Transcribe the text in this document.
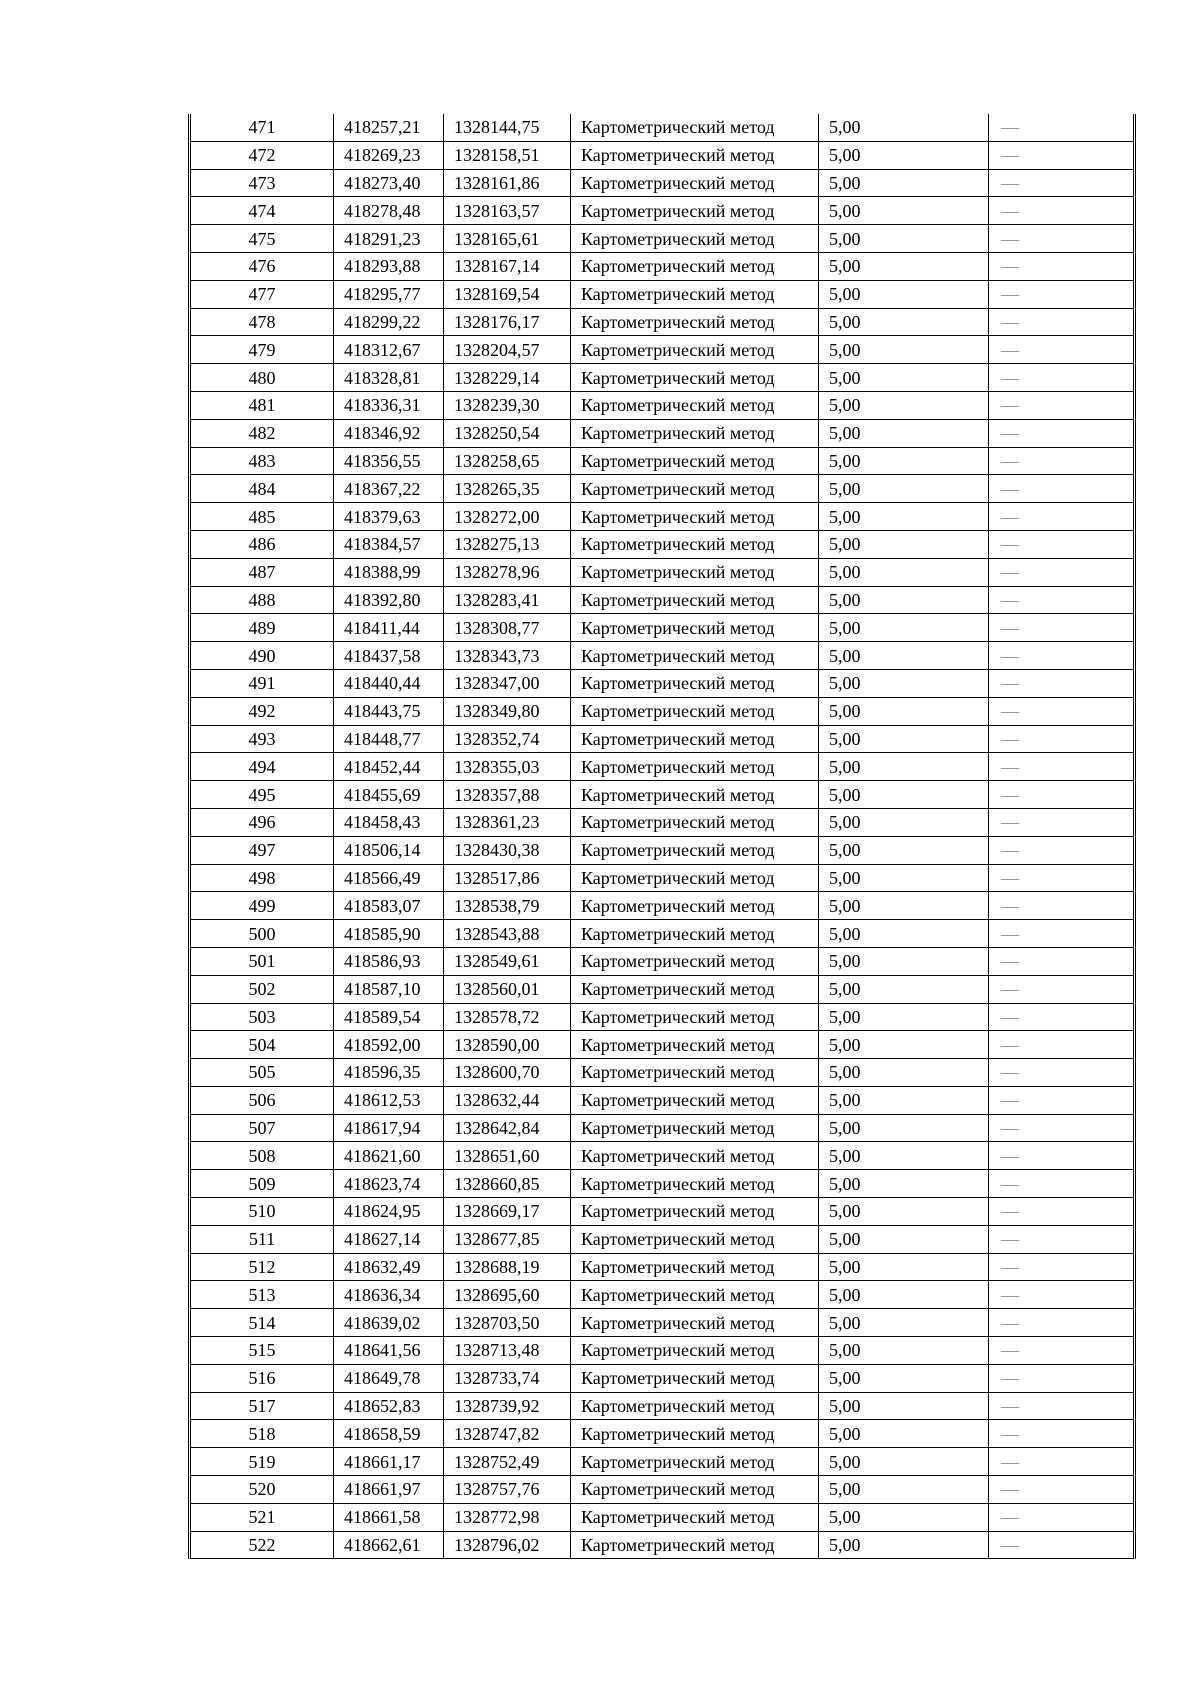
471	418257,21	1328144,75	Картометрический метод	5,00	—
472	418269,23	1328158,51	Картометрический метод	5,00	—
473	418273,40	1328161,86	Картометрический метод	5,00	—
474	418278,48	1328163,57	Картометрический метод	5,00	—
475	418291,23	1328165,61	Картометрический метод	5,00	—
476	418293,88	1328167,14	Картометрический метод	5,00	—
477	418295,77	1328169,54	Картометрический метод	5,00	—
478	418299,22	1328176,17	Картометрический метод	5,00	—
479	418312,67	1328204,57	Картометрический метод	5,00	—
480	418328,81	1328229,14	Картометрический метод	5,00	—
481	418336,31	1328239,30	Картометрический метод	5,00	—
482	418346,92	1328250,54	Картометрический метод	5,00	—
483	418356,55	1328258,65	Картометрический метод	5,00	—
484	418367,22	1328265,35	Картометрический метод	5,00	—
485	418379,63	1328272,00	Картометрический метод	5,00	—
486	418384,57	1328275,13	Картометрический метод	5,00	—
487	418388,99	1328278,96	Картометрический метод	5,00	—
488	418392,80	1328283,41	Картометрический метод	5,00	—
489	418411,44	1328308,77	Картометрический метод	5,00	—
490	418437,58	1328343,73	Картометрический метод	5,00	—
491	418440,44	1328347,00	Картометрический метод	5,00	—
492	418443,75	1328349,80	Картометрический метод	5,00	—
493	418448,77	1328352,74	Картометрический метод	5,00	—
494	418452,44	1328355,03	Картометрический метод	5,00	—
495	418455,69	1328357,88	Картометрический метод	5,00	—
496	418458,43	1328361,23	Картометрический метод	5,00	—
497	418506,14	1328430,38	Картометрический метод	5,00	—
498	418566,49	1328517,86	Картометрический метод	5,00	—
499	418583,07	1328538,79	Картометрический метод	5,00	—
500	418585,90	1328543,88	Картометрический метод	5,00	—
501	418586,93	1328549,61	Картометрический метод	5,00	—
502	418587,10	1328560,01	Картометрический метод	5,00	—
503	418589,54	1328578,72	Картометрический метод	5,00	—
504	418592,00	1328590,00	Картометрический метод	5,00	—
505	418596,35	1328600,70	Картометрический метод	5,00	—
506	418612,53	1328632,44	Картометрический метод	5,00	—
507	418617,94	1328642,84	Картометрический метод	5,00	—
508	418621,60	1328651,60	Картометрический метод	5,00	—
509	418623,74	1328660,85	Картометрический метод	5,00	—
510	418624,95	1328669,17	Картометрический метод	5,00	—
511	418627,14	1328677,85	Картометрический метод	5,00	—
512	418632,49	1328688,19	Картометрический метод	5,00	—
513	418636,34	1328695,60	Картометрический метод	5,00	—
514	418639,02	1328703,50	Картометрический метод	5,00	—
515	418641,56	1328713,48	Картометрический метод	5,00	—
516	418649,78	1328733,74	Картометрический метод	5,00	—
517	418652,83	1328739,92	Картометрический метод	5,00	—
518	418658,59	1328747,82	Картометрический метод	5,00	—
519	418661,17	1328752,49	Картометрический метод	5,00	—
520	418661,97	1328757,76	Картометрический метод	5,00	—
521	418661,58	1328772,98	Картометрический метод	5,00	—
522	418662,61	1328796,02	Картометрический метод	5,00	—
